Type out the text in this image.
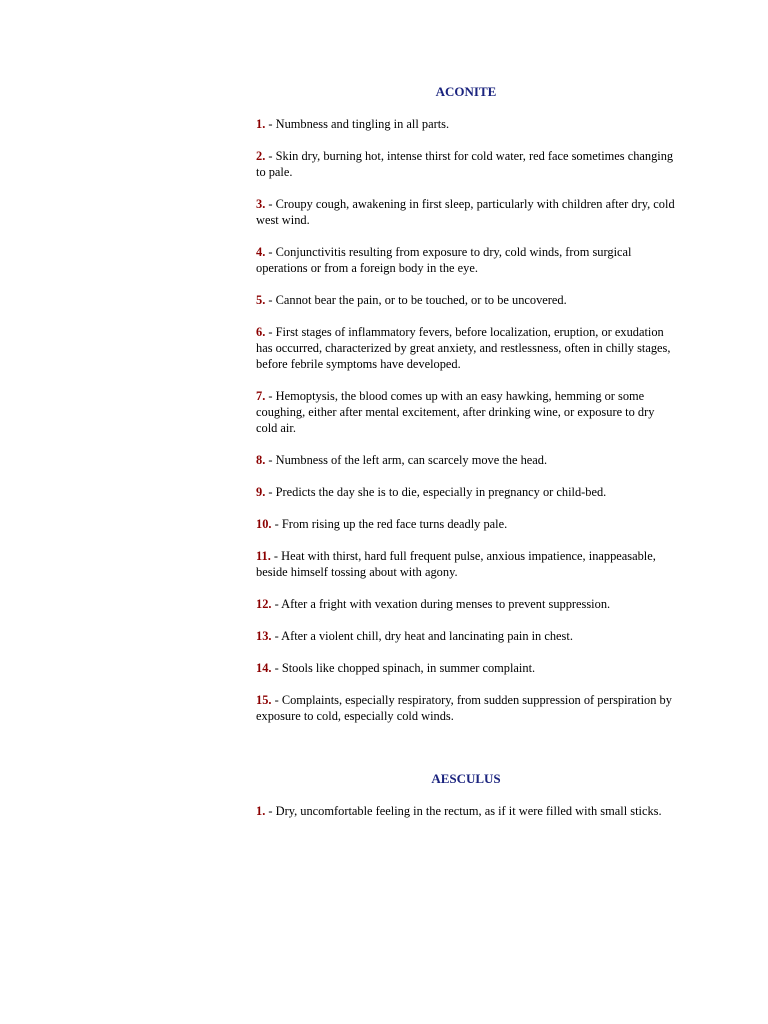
ACONITE
1. - Numbness and tingling in all parts.
2. - Skin dry, burning hot, intense thirst for cold water, red face sometimes changing to pale.
3. - Croupy cough, awakening in first sleep, particularly with children after dry, cold west wind.
4. - Conjunctivitis resulting from exposure to dry, cold winds, from surgical operations or from a foreign body in the eye.
5. - Cannot bear the pain, or to be touched, or to be uncovered.
6. - First stages of inflammatory fevers, before localization, eruption, or exudation has occurred, characterized by great anxiety, and restlessness, often in chilly stages, before febrile symptoms have developed.
7. - Hemoptysis, the blood comes up with an easy hawking, hemming or some coughing, either after mental excitement, after drinking wine, or exposure to dry cold air.
8. - Numbness of the left arm, can scarcely move the head.
9. - Predicts the day she is to die, especially in pregnancy or child-bed.
10. - From rising up the red face turns deadly pale.
11. - Heat with thirst, hard full frequent pulse, anxious impatience, inappeasable, beside himself tossing about with agony.
12. - After a fright with vexation during menses to prevent suppression.
13. - After a violent chill, dry heat and lancinating pain in chest.
14. - Stools like chopped spinach, in summer complaint.
15. - Complaints, especially respiratory, from sudden suppression of perspiration by exposure to cold, especially cold winds.
AESCULUS
1. - Dry, uncomfortable feeling in the rectum, as if it were filled with small sticks.
